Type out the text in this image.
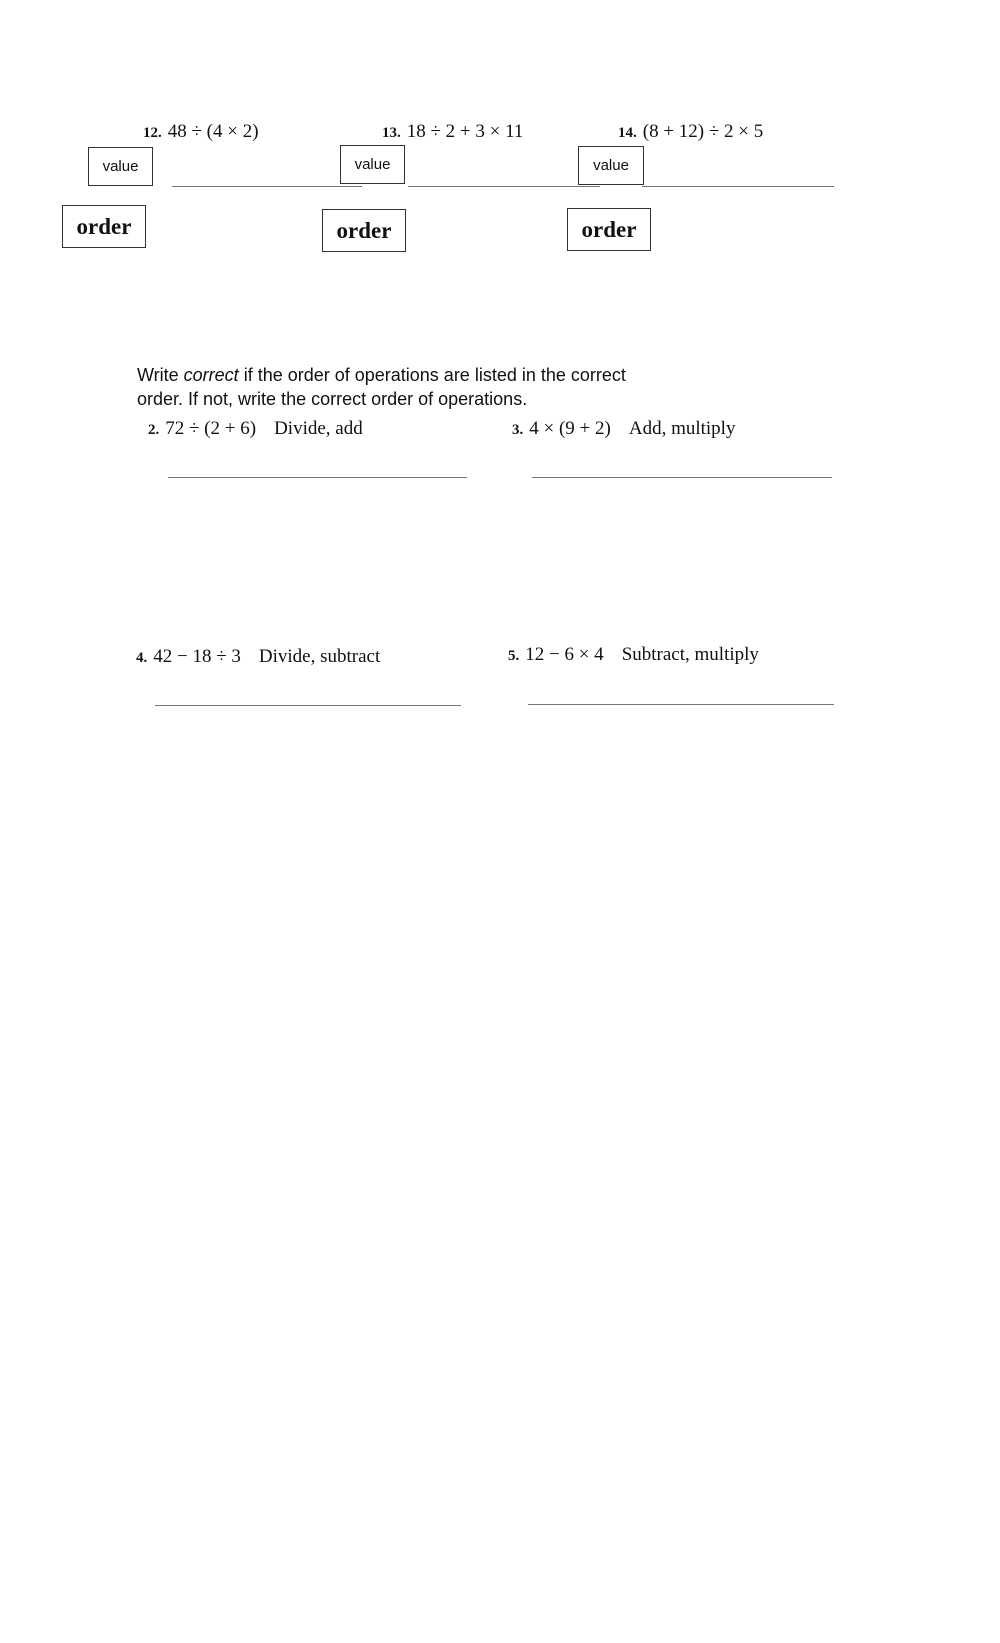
12. 48 ÷ (4 × 2)	13. 18 ÷ 2 + 3 × 11	14. (8 + 12) ÷ 2 × 5
value	value	value
order	order	order
Write correct if the order of operations are listed in the correct
order. If not, write the correct order of operations.
2. 72 ÷ (2 + 6) Divide, add	3. 4 × (9 + 2) Add, multiply
4. 42 − 18 ÷ 3 Divide, subtract	5. 12 − 6 × 4 Subtract, multiply
